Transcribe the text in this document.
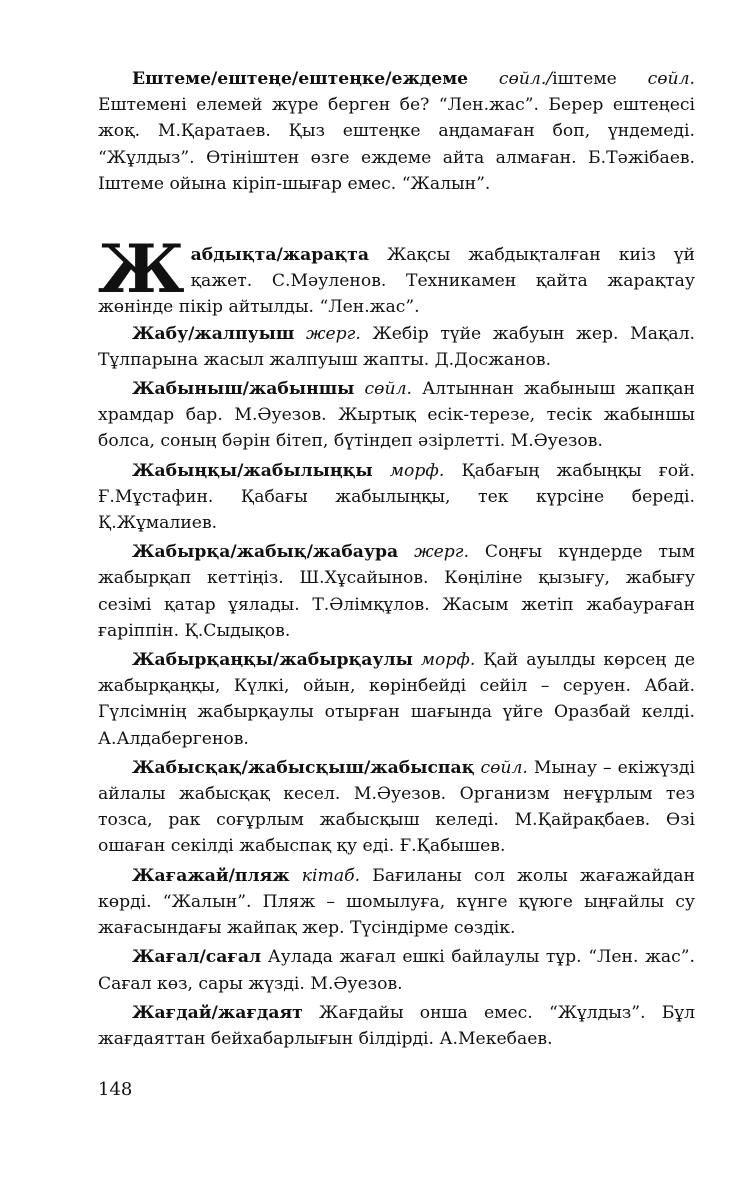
Ештеме/ештеңе/ештеңке/еждеме сөйл./іштеме сөйл. Ештемені елемей жүре берген бе? “Лен.жас”. Берер ештеңесі жоқ. М.Қаратаев. Қыз ештеңке аңдамаған боп, үндемеді. “Жұлдыз”. Өтініштен өзге еждеме айта алмаған. Б.Тәжібаев. Іштеме ойына кіріп-шығар емес. “Жалын”.

Жабдықта/жарақта Жақсы жабдықталған киіз үй қажет. С.Мәуленов. Техникамен қайта жарақтау жөнінде пікір айтылды. “Лен.жас”.

Жабу/жалпуыш жерг. Жебір түйе жабуын жер. Мақал. Тұлпарына жасыл жалпуыш жапты. Д.Досжанов.

Жабыныш/жабыншы сөйл. Алтыннан жабыныш жапқан храмдар бар. М.Әуезов. Жыртық есік-терезе, тесік жабыншы болса, соның бәрін бітеп, бүтіндеп әзірлетті. М.Әуезов.

Жабыңқы/жабылыңқы морф. Қабағың жабыңқы ғой. Ғ.Мұстафин. Қабағы жабылыңқы, тек күрсіне береді. Қ.Жұмалиев.

Жабырқа/жабық/жабаура жерг. Соңғы күндерде тым жабырқап кеттіңіз. Ш.Хұсайынов. Көңіліне қызығу, жабығу сезімі қатар ұялады. Т.Әлімқұлов. Жасым жетіп жабаураған ғаріппін. Қ.Сыдықов.

Жабырқаңқы/жабырқаулы морф. Қай ауылды көрсең де жабырқаңқы, Күлкі, ойын, көрінбейді сейіл – серуен. Абай. Гүлсімнің жабырқаулы отырған шағында үйге Оразбай келді. А.Алдабергенов.

Жабысқақ/жабысқыш/жабыспақ сөйл. Мынау – екіжүзді айлалы жабысқақ кесел. М.Әуезов. Организм неғұрлым тез тозса, рак соғұрлым жабысқыш келеді. М.Қайрақбаев. Өзі ошаған секілді жабыспақ қу еді. Ғ.Қабышев.

Жағажай/пляж кітаб. Бағиланы сол жолы жағажайдан көрді. “Жалын”. Пляж – шомылуға, күнге қүюге ыңғайлы су жағасындағы жайпақ жер. Түсіндірме сөздік.

Жағал/сағал Аулада жағал ешкі байлаулы тұр. “Лен. жас”. Сағал көз, сары жүзді. М.Әуезов.

Жағдай/жағдаят Жағдайы онша емес. “Жұлдыз”. Бұл жағдаяттан бейхабарлығын білдірді. А.Мекебаев.

148
